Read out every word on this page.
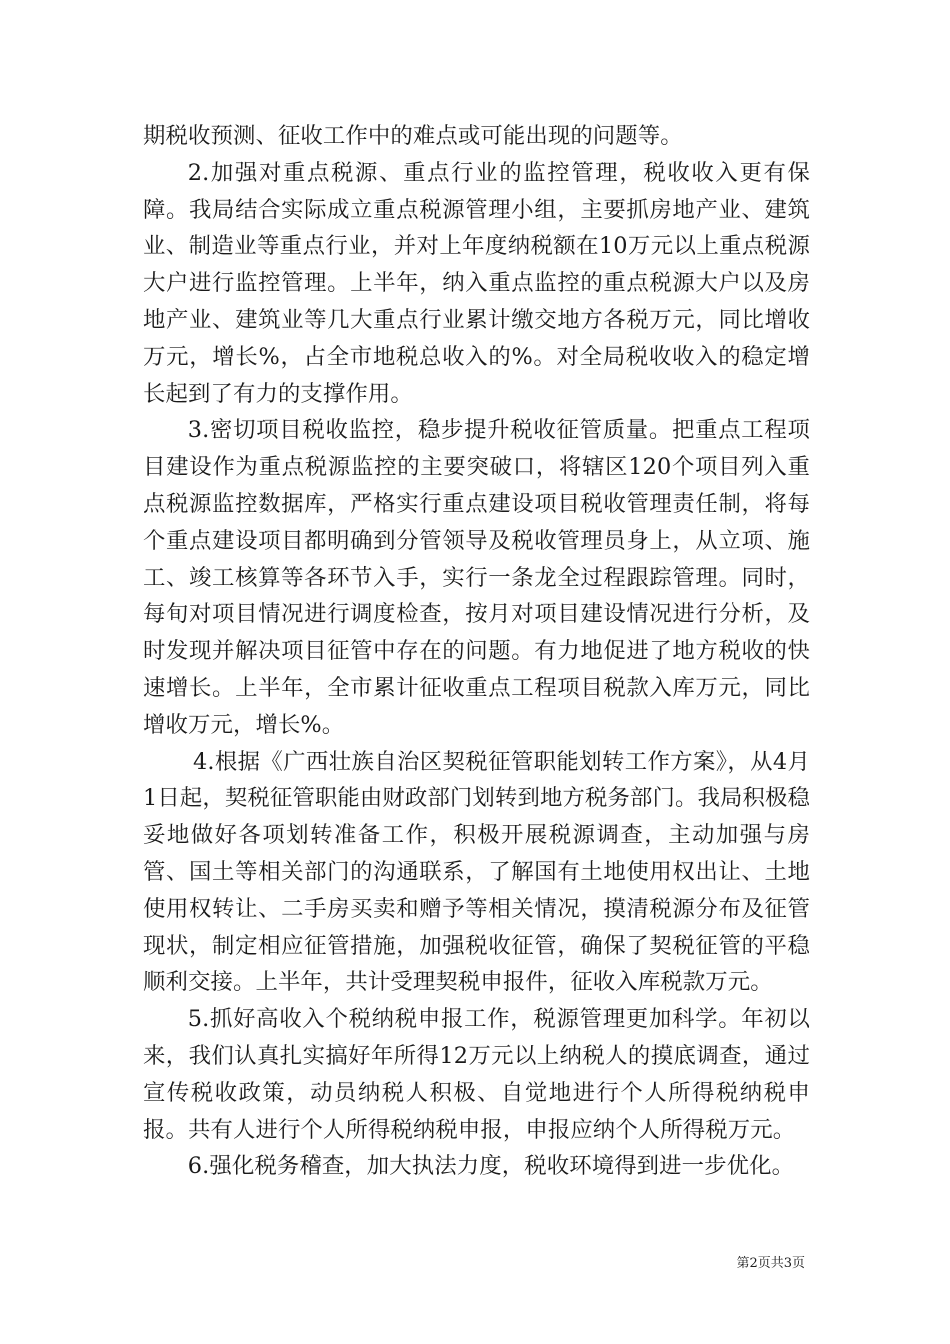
期税收预测、征收工作中的难点或可能出现的问题等。

2.加强对重点税源、重点行业的监控管理，税收收入更有保障。我局结合实际成立重点税源管理小组，主要抓房地产业、建筑业、制造业等重点行业，并对上年度纳税额在10万元以上重点税源大户进行监控管理。上半年，纳入重点监控的重点税源大户以及房地产业、建筑业等几大重点行业累计缴交地方各税万元，同比增收万元，增长%，占全市地税总收入的%。对全局税收收入的稳定增长起到了有力的支撑作用。

3.密切项目税收监控，稳步提升税收征管质量。把重点工程项目建设作为重点税源监控的主要突破口，将辖区120个项目列入重点税源监控数据库，严格实行重点建设项目税收管理责任制，将每个重点建设项目都明确到分管领导及税收管理员身上，从立项、施工、竣工核算等各环节入手，实行一条龙全过程跟踪管理。同时，每旬对项目情况进行调度检查，按月对项目建设情况进行分析，及时发现并解决项目征管中存在的问题。有力地促进了地方税收的快速增长。上半年，全市累计征收重点工程项目税款入库万元，同比增收万元，增长%。

4.根据《广西壮族自治区契税征管职能划转工作方案》，从4月1日起，契税征管职能由财政部门划转到地方税务部门。我局积极稳妥地做好各项划转准备工作，积极开展税源调查，主动加强与房管、国土等相关部门的沟通联系，了解国有土地使用权出让、土地使用权转让、二手房买卖和赠予等相关情况，摸清税源分布及征管现状，制定相应征管措施，加强税收征管，确保了契税征管的平稳顺利交接。上半年，共计受理契税申报件，征收入库税款万元。

5.抓好高收入个税纳税申报工作，税源管理更加科学。年初以来，我们认真扎实搞好年所得12万元以上纳税人的摸底调查，通过宣传税收政策，动员纳税人积极、自觉地进行个人所得税纳税申报。共有人进行个人所得税纳税申报，申报应纳个人所得税万元。

6.强化税务稽查，加大执法力度，税收环境得到进一步优化。

第2页共3页
